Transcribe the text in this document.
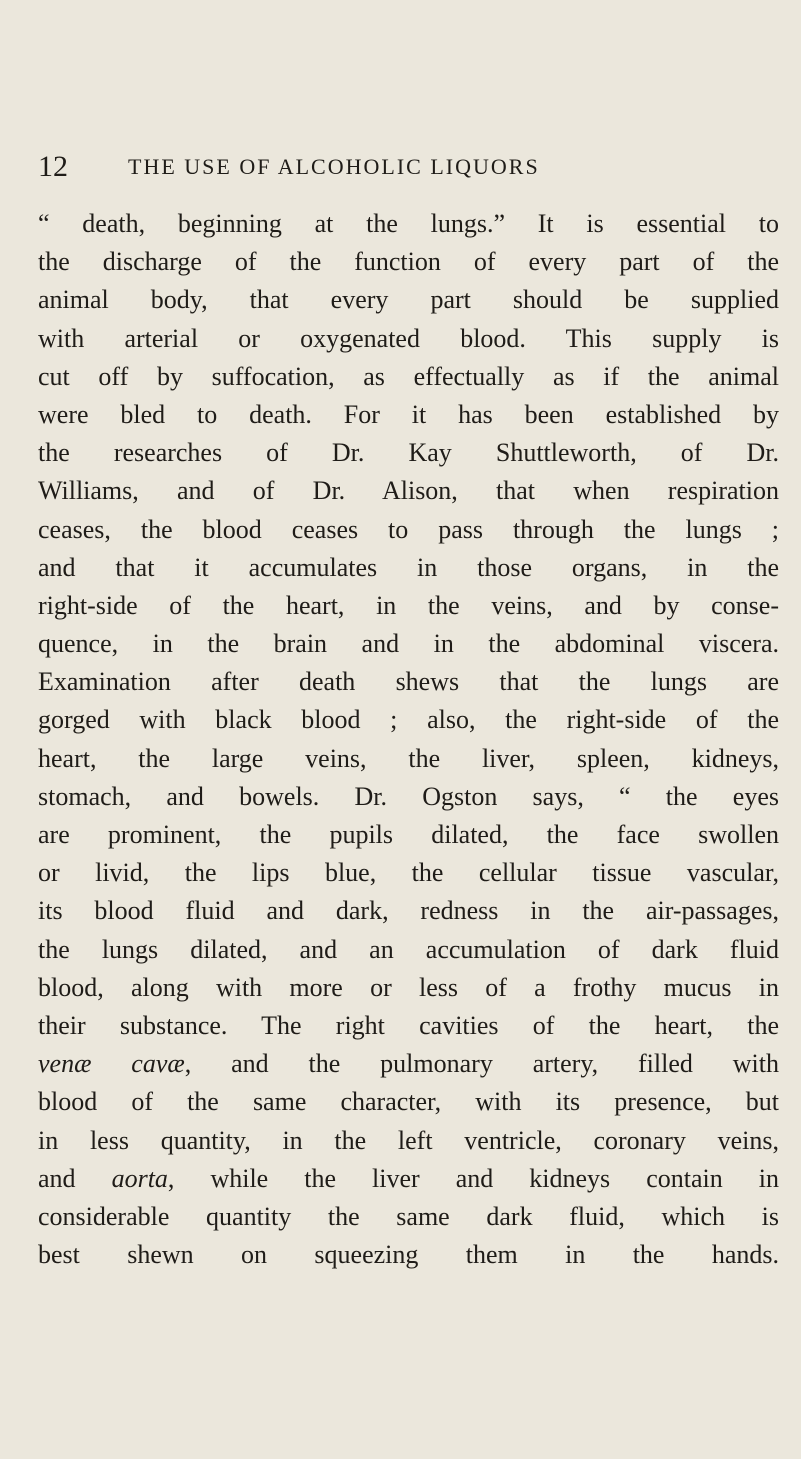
12	THE USE OF ALCOHOLIC LIQUORS
“ death, beginning at the lungs.” It is essential to
the discharge of the function of every part of the
animal body, that every part should be supplied
with arterial or oxygenated blood. This supply is
cut off by suffocation, as effectually as if the animal
were bled to death. For it has been established by
the researches of Dr. Kay Shuttleworth, of Dr.
Williams, and of Dr. Alison, that when respiration
ceases, the blood ceases to pass through the lungs ;
and that it accumulates in those organs, in the
right-side of the heart, in the veins, and by conse-
quence, in the brain and in the abdominal viscera.
Examination after death shews that the lungs are
gorged with black blood ; also, the right-side of the
heart, the large veins, the liver, spleen, kidneys,
stomach, and bowels. Dr. Ogston says, “ the eyes
are prominent, the pupils dilated, the face swollen
or livid, the lips blue, the cellular tissue vascular,
its blood fluid and dark, redness in the air-passages,
the lungs dilated, and an accumulation of dark fluid
blood, along with more or less of a frothy mucus in
their substance. The right cavities of the heart, the
venæ cavæ, and the pulmonary artery, filled with
blood of the same character, with its presence, but
in less quantity, in the left ventricle, coronary veins,
and aorta, while the liver and kidneys contain in
considerable quantity the same dark fluid, which is
best shewn on squeezing them in the hands.
